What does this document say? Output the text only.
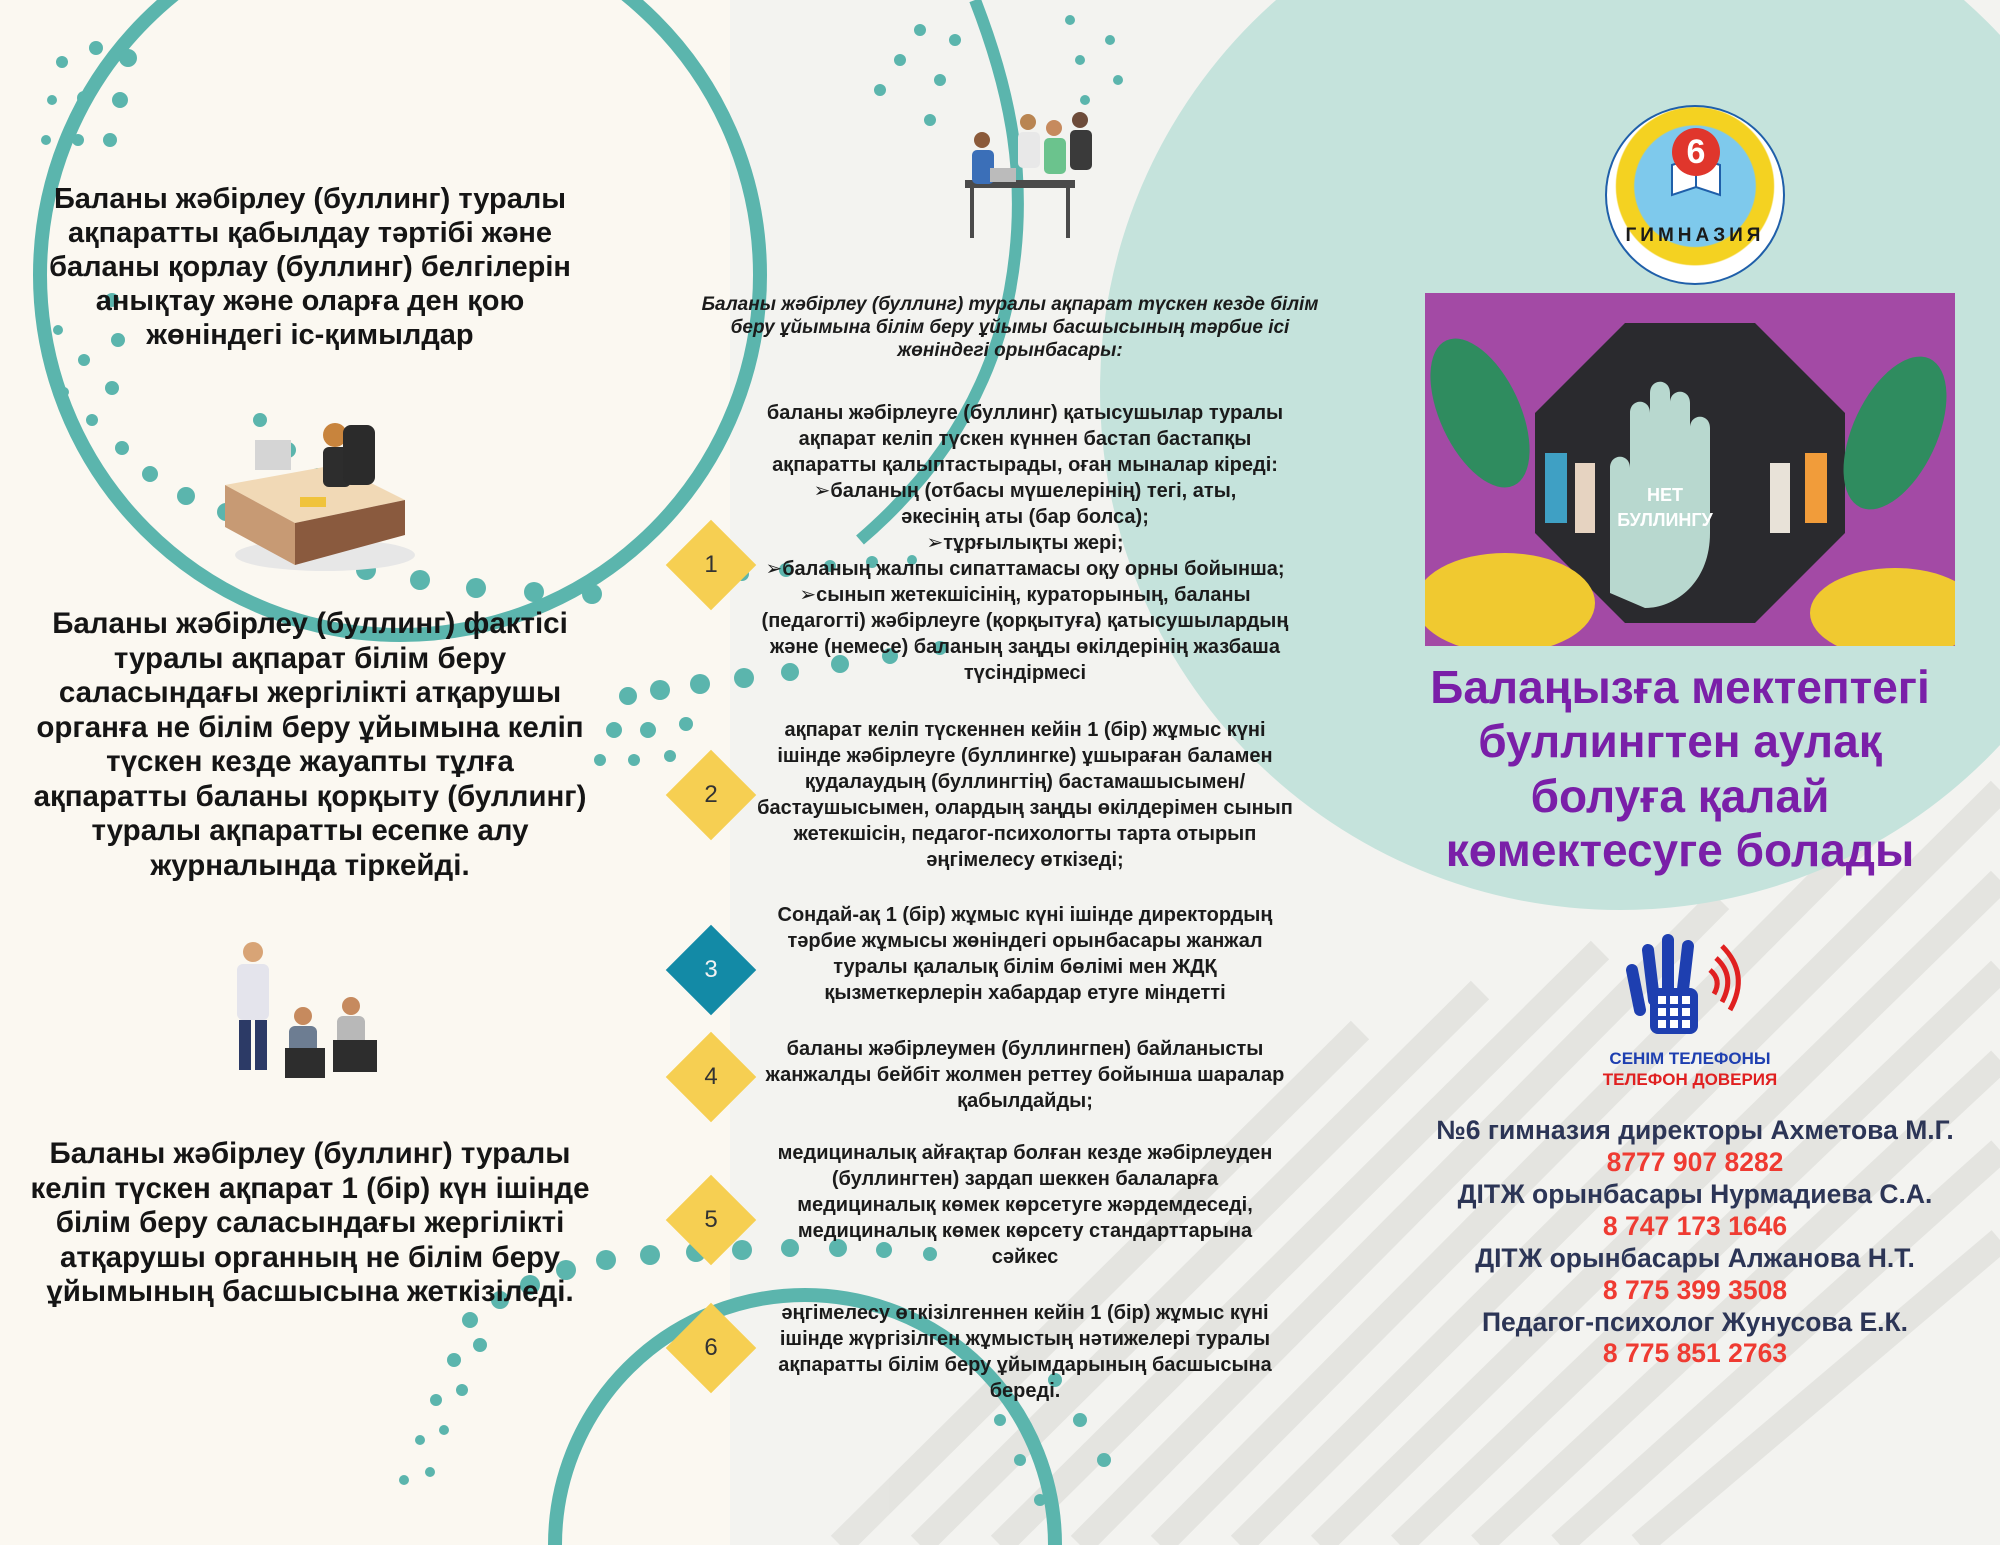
Баланы жәбірлеу (буллинг) туралы ақпаратты қабылдау тәртібі және баланы қорлау (буллинг) белгілерін анықтау және оларға ден қою жөніндегі іс-қимылдар
Баланы жәбірлеу (буллинг) фактісі туралы ақпарат білім беру саласындағы жергілікті атқарушы органға не білім беру ұйымына келіп түскен кезде жауапты тұлға ақпаратты баланы қорқыту (буллинг) туралы ақпаратты есепке алу журналында тіркейді.
Баланы жәбірлеу (буллинг) туралы келіп түскен ақпарат 1 (бір) күн ішінде білім беру саласындағы жергілікті атқарушы органның не білім беру ұйымының басшысына жеткізіледі.
Баланы жәбірлеу (буллинг) туралы ақпарат түскен кезде білім беру ұйымына білім беру ұйымы басшысының тәрбие ісі жөніндегі орынбасары:
1

баланы жәбірлеуге (буллинг) қатысушылар туралы

ақпарат келіп түскен күннен бастап бастапқы

ақпаратты қалыптастырады, оған мыналар кіреді:

➢баланың (отбасы мүшелерінің) тегі, аты,

әкесінің аты (бар болса);

➢тұрғылықты жері;

➢баланың жалпы сипаттамасы оқу орны бойынша;

➢сынып жетекшісінің, кураторының, баланы

(педагогті) жәбірлеуге (қорқытуға) қатысушылардың

және (немесе) баланың заңды өкілдерінің жазбаша

түсіндірмесі

2

ақпарат келіп түскеннен кейін 1 (бір) жұмыс күні

ішінде жәбірлеуге (буллингке) ұшыраған баламен

қудалаудың (буллингтің) бастамашысымен/

бастаушысымен, олардың заңды өкілдерімен сынып

жетекшісін, педагог-психологты тарта отырып

әңгімелесу өткізеді;

3

Сондай-ақ 1 (бір) жұмыс күні ішінде директордың

тәрбие жұмысы жөніндегі орынбасары жанжал

туралы қалалық білім бөлімі мен ЖДҚ

қызметкерлерін хабардар етуге міндетті

4

баланы жәбірлеумен (буллингпен) байланысты

жанжалды бейбіт жолмен реттеу бойынша шаралар

қабылдайды;

5

медициналық айғақтар болған кезде жәбірлеуден

(буллингтен) зардап шеккен балаларға

медициналық көмек көрсетуге жәрдемдеседі,

медициналық көмек көрсету стандарттарына

сәйкес

6

әңгімелесу өткізілгеннен кейін 1 (бір) жұмыс күні

ішінде жүргізілген жұмыстың нәтижелері туралы

ақпаратты білім беру ұйымдарының басшысына

береді.

6
ГИМНАЗИЯ
НЕТ
БУЛЛИНГУ
Балаңызға мектептегі буллингтен аулақ болуға қалай көмектесуге болады
СЕНІМ ТЕЛЕФОНЫ
ТЕЛЕФОН ДОВЕРИЯ
№6 гимназия директоры Ахметова М.Г.
8777 907 8282
ДІТЖ орынбасары Нурмадиева С.А.
8 747 173 1646
ДІТЖ орынбасары Алжанова Н.Т.
8 775 399 3508
Педагог-психолог Жунусова Е.К.
8 775 851 2763
